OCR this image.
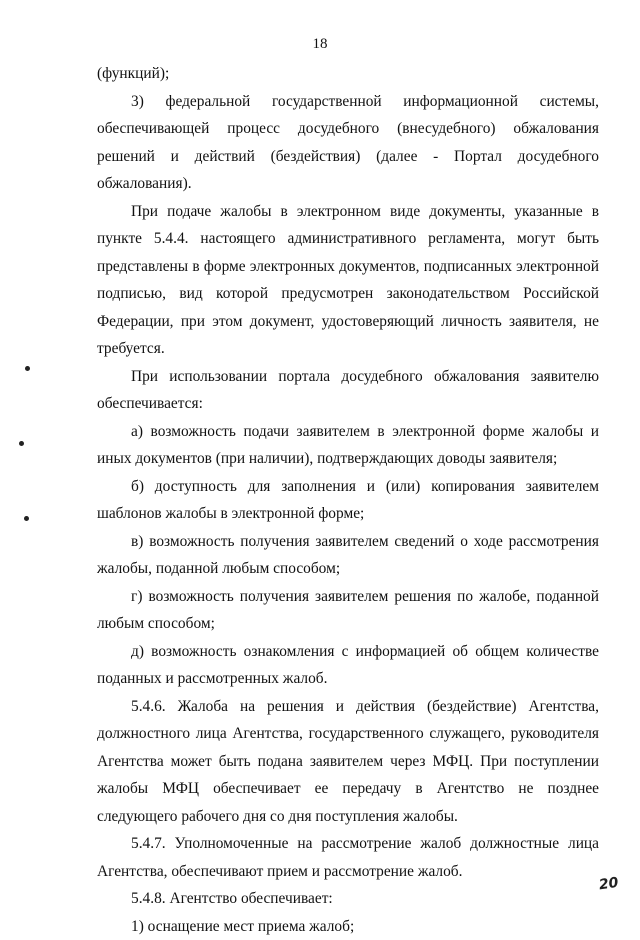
18

(функций);

3) федеральной государственной информационной системы, обеспечивающей процесс досудебного (внесудебного) обжалования решений и действий (бездействия) (далее - Портал досудебного обжалования).

При подаче жалобы в электронном виде документы, указанные в пункте 5.4.4. настоящего административного регламента, могут быть представлены в форме электронных документов, подписанных электронной подписью, вид которой предусмотрен законодательством Российской Федерации, при этом документ, удостоверяющий личность заявителя, не требуется.

При использовании портала досудебного обжалования заявителю обеспечивается:

а) возможность подачи заявителем в электронной форме жалобы и иных документов (при наличии), подтверждающих доводы заявителя;

б) доступность для заполнения и (или) копирования заявителем шаблонов жалобы в электронной форме;

в) возможность получения заявителем сведений о ходе рассмотрения жалобы, поданной любым способом;

г) возможность получения заявителем решения по жалобе, поданной любым способом;

д) возможность ознакомления с информацией об общем количестве поданных и рассмотренных жалоб.

5.4.6. Жалоба на решения и действия (бездействие) Агентства, должностного лица Агентства, государственного служащего, руководителя Агентства может быть подана заявителем через МФЦ. При поступлении жалобы МФЦ обеспечивает ее передачу в Агентство не позднее следующего рабочего дня со дня поступления жалобы.

5.4.7. Уполномоченные на рассмотрение жалоб должностные лица Агентства, обеспечивают прием и рассмотрение жалоб.

5.4.8. Агентство обеспечивает:

1) оснащение мест приема жалоб;

20
